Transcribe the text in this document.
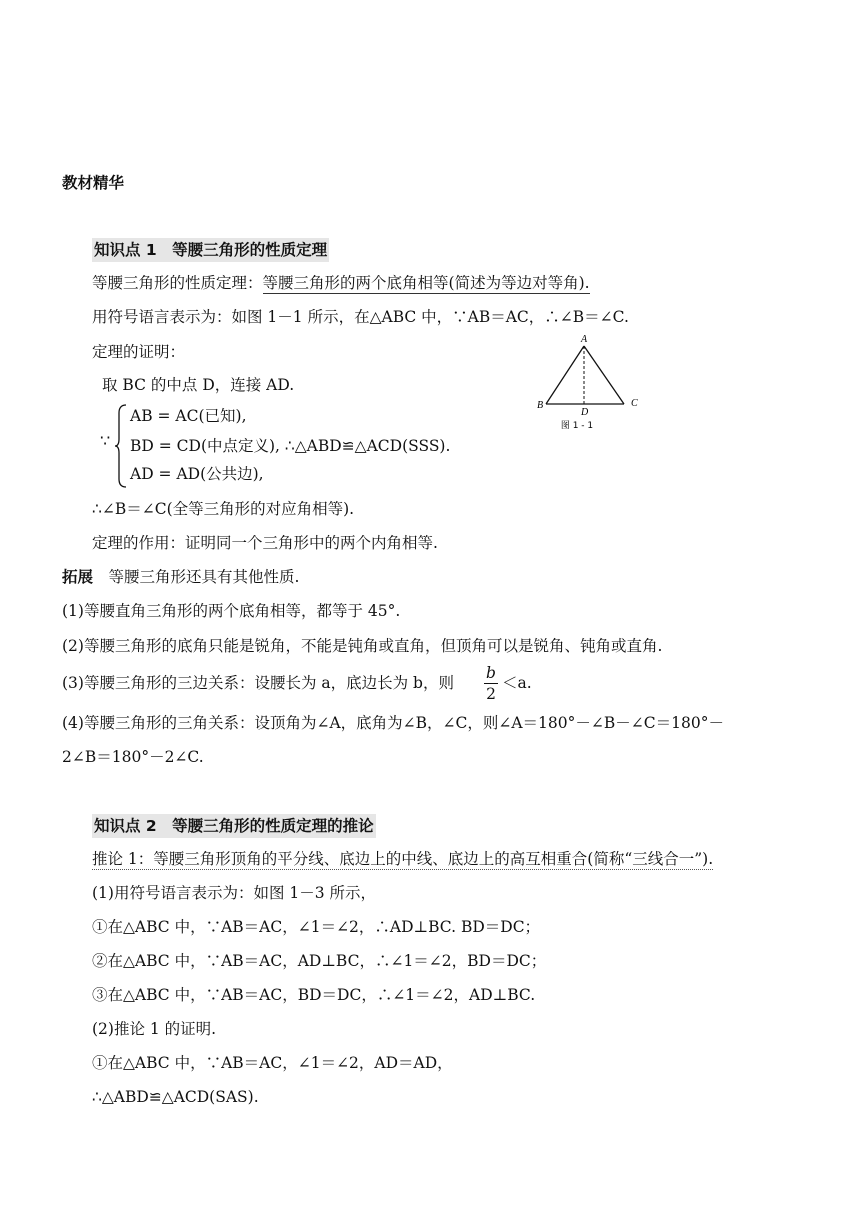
教材精华
知识点 1　等腰三角形的性质定理
等腰三角形的性质定理：等腰三角形的两个底角相等(简述为等边对等角).
用符号语言表示为：如图 1－1 所示，在△ABC 中，∵AB＝AC，∴∠B＝∠C.
定理的证明：
取 BC 的中点 D，连接 AD.
∵
AB = AC(已知),
BD = CD(中点定义), ∴△ABD≌△ACD(SSS).
AD = AD(公共边),
A
B	C
D
图 1 - 1
∴∠B＝∠C(全等三角形的对应角相等).
定理的作用：证明同一个三角形中的两个内角相等.
拓展　 等腰三角形还具有其他性质.
(1)等腰直角三角形的两个底角相等，都等于 45°.
(2)等腰三角形的底角只能是锐角，不能是钝角或直角，但顶角可以是锐角、钝角或直角.
(3)等腰三角形的三边关系：设腰长为 a，底边长为 b，则
b
2
＜a.
(4)等腰三角形的三角关系：设顶角为∠A，底角为∠B，∠C，则∠A＝180°－∠B－∠C＝180°－
2∠B＝180°－2∠C.
知识点 2　等腰三角形的性质定理的推论
推论 1：等腰三角形顶角的平分线、底边上的中线、底边上的高互相重合(简称“三线合一”).
(1)用符号语言表示为：如图 1－3 所示，
①在△ABC 中，∵AB＝AC，∠1＝∠2，∴AD⊥BC. BD＝DC；
②在△ABC 中，∵AB＝AC，AD⊥BC，∴∠1＝∠2，BD＝DC；
③在△ABC 中，∵AB＝AC，BD＝DC，∴∠1＝∠2，AD⊥BC.
(2)推论 1 的证明.
①在△ABC 中，∵AB＝AC，∠1＝∠2，AD＝AD，
∴△ABD≌△ACD(SAS).
